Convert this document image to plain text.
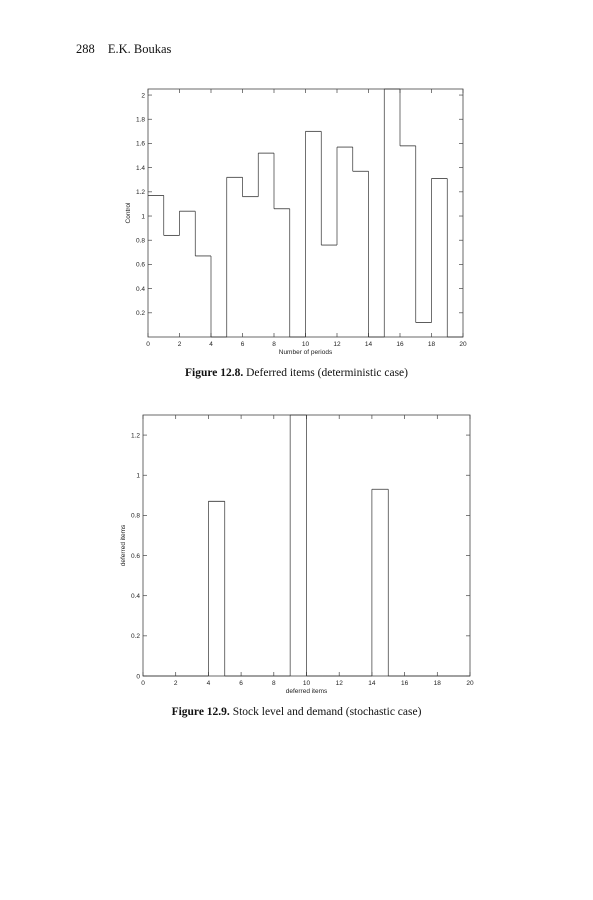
288 E.K. Boukas
0	2	4	6	8	10	12	14	16	18	20
0.2
0.4
0.6
0.8
1
1.2
1.4
1.6
1.8
2
Number of periods
Control
Figure 12.8. Deferred items (deterministic case)
0	2	4	6	8	10	12	14	16	18	20
0
0.2
0.4
0.6
0.8
1
1.2
deferred items
deferred items
Figure 12.9. Stock level and demand (stochastic case)
